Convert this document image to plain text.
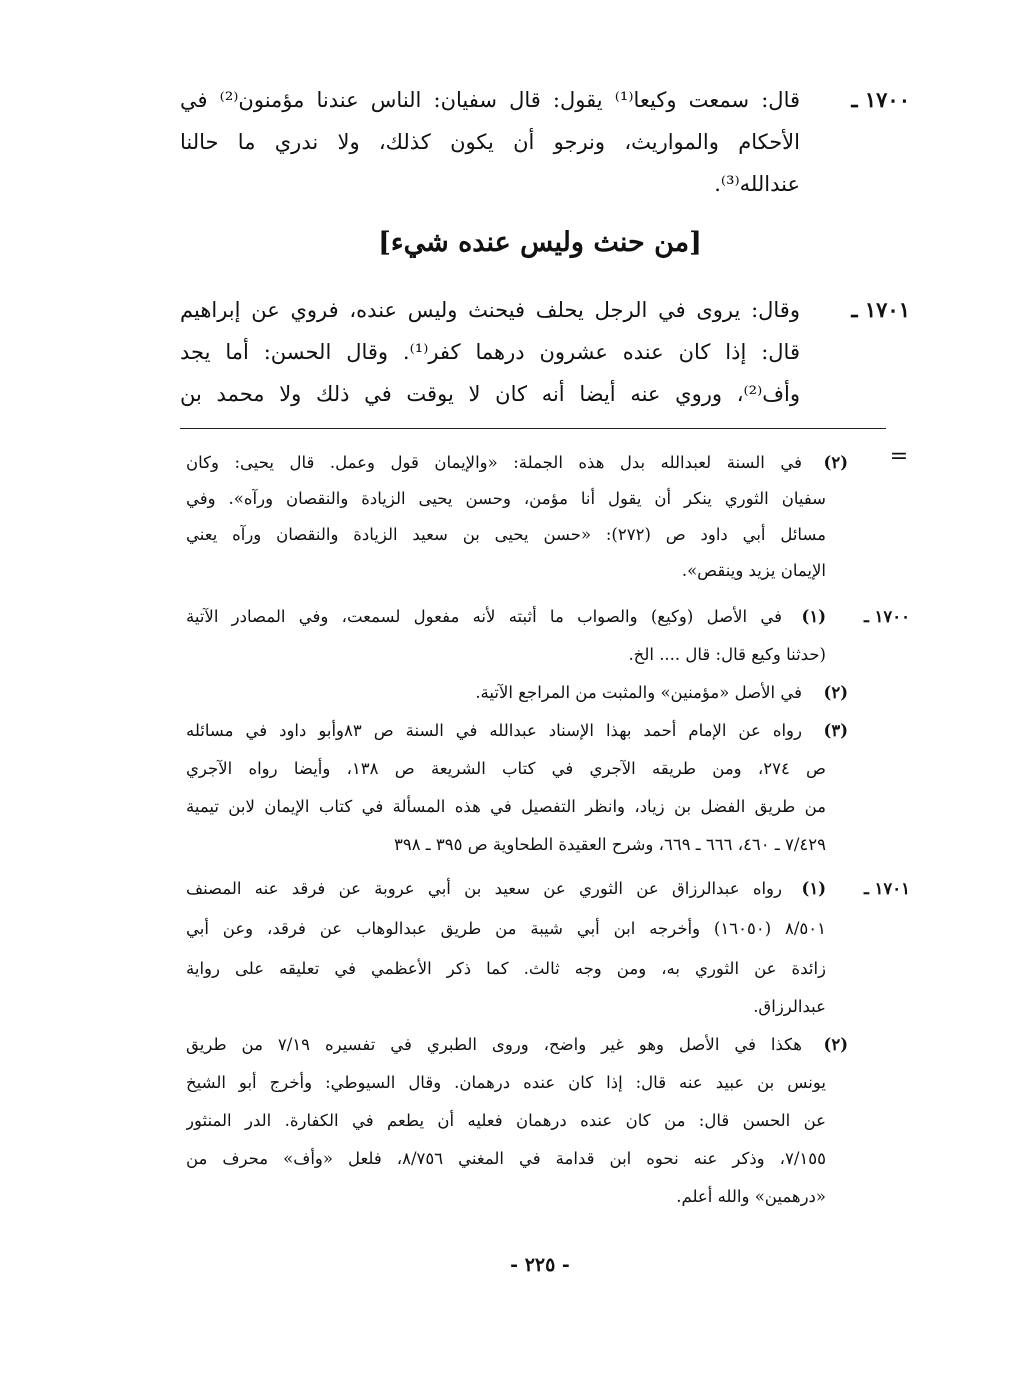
١٧٠٠ ـ
قال: سمعت وكيعا⁽¹⁾ يقول: قال سفيان: الناس عندنا مؤمنون⁽²⁾ في
الأحكام والمواريث، ونرجو أن يكون كذلك، ولا ندري ما حالنا
عندالله⁽³⁾.
[من حنث وليس عنده شيء]
١٧٠١ ـ
وقال: يروى في الرجل يحلف فيحنث وليس عنده، فروي عن إبراهيم
قال: إذا كان عنده عشرون درهما كفر⁽¹⁾. وقال الحسن: أما يجد
وأف⁽²⁾، وروي عنه أيضا أنه كان لا يوقت في ذلك ولا محمد بن
=
(٢)
في السنة لعبدالله بدل هذه الجملة: «والإيمان قول وعمل. قال يحيى: وكان
سفيان الثوري ينكر أن يقول أنا مؤمن، وحسن يحيى الزيادة والنقصان ورآه». وفي
مسائل أبي داود ص (٢٧٢): «حسن يحيى بن سعيد الزيادة والنقصان ورآه يعني
الإيمان يزيد وينقص».
١٧٠٠ ـ
(١)
في الأصل (وكيع) والصواب ما أثبته لأنه مفعول لسمعت، وفي المصادر الآتية
(حدثنا وكيع قال: قال .... الخ.
(٢)
في الأصل «مؤمنين» والمثبت من المراجع الآتية.
(٣)
رواه عن الإمام أحمد بهذا الإسناد عبدالله في السنة ص ٨٣وأبو داود في مسائله
ص ٢٧٤، ومن طريقه الآجري في كتاب الشريعة ص ١٣٨، وأيضا رواه الآجري
من طريق الفضل بن زياد، وانظر التفصيل في هذه المسألة في كتاب الإيمان لابن تيمية
٧/٤٢٩ ـ ٤٦٠، ٦٦٦ ـ ٦٦٩، وشرح العقيدة الطحاوية ص ٣٩٥ ـ ٣٩٨
١٧٠١ ـ
(١)
رواه عبدالرزاق عن الثوري عن سعيد بن أبي عروبة عن فرقد عنه المصنف
٨/٥٠١ (١٦٠٥٠) وأخرجه ابن أبي شيبة من طريق عبدالوهاب عن فرقد، وعن أبي
زائدة عن الثوري به، ومن وجه ثالث. كما ذكر الأعظمي في تعليقه على رواية
عبدالرزاق.
(٢)
هكذا في الأصل وهو غير واضح، وروى الطبري في تفسيره ٧/١٩ من طريق
يونس بن عبيد عنه قال: إذا كان عنده درهمان. وقال السيوطي: وأخرج أبو الشيخ
عن الحسن قال: من كان عنده درهمان فعليه أن يطعم في الكفارة. الدر المنثور
٧/١٥٥، وذكر عنه نحوه ابن قدامة في المغني ٨/٧٥٦، فلعل «وأف» محرف من
«درهمين» والله أعلم.
- ٢٢٥ -
